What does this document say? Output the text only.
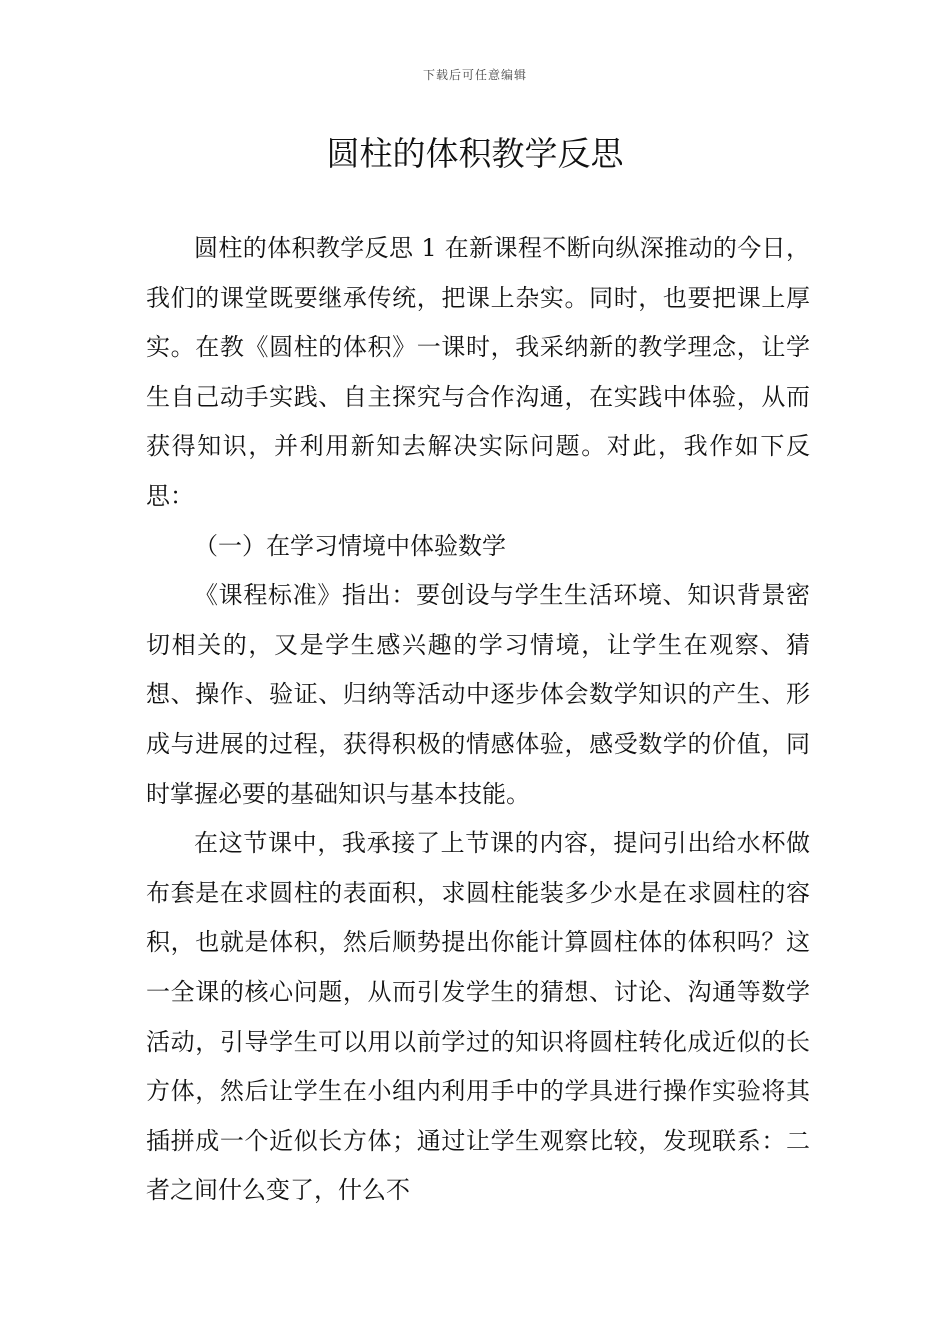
下载后可任意编辑
圆柱的体积教学反思

圆柱的体积教学反思 1 在新课程不断向纵深推动的今日，我们的课堂既要继承传统，把课上杂实。同时，也要把课上厚实。在教《圆柱的体积》一课时，我采纳新的教学理念，让学生自己动手实践、自主探究与合作沟通，在实践中体验，从而获得知识，并利用新知去解决实际问题。对此，我作如下反思：

（一）在学习情境中体验数学

《课程标准》指出：要创设与学生生活环境、知识背景密切相关的，又是学生感兴趣的学习情境，让学生在观察、猜想、操作、验证、归纳等活动中逐步体会数学知识的产生、形成与进展的过程，获得积极的情感体验，感受数学的价值，同时掌握必要的基础知识与基本技能。

在这节课中，我承接了上节课的内容，提问引出给水杯做布套是在求圆柱的表面积，求圆柱能装多少水是在求圆柱的容积，也就是体积，然后顺势提出你能计算圆柱体的体积吗？这一全课的核心问题，从而引发学生的猜想、讨论、沟通等数学活动，引导学生可以用以前学过的知识将圆柱转化成近似的长方体，然后让学生在小组内利用手中的学具进行操作实验将其插拼成一个近似长方体；通过让学生观察比较，发现联系：二者之间什么变了，什么不
